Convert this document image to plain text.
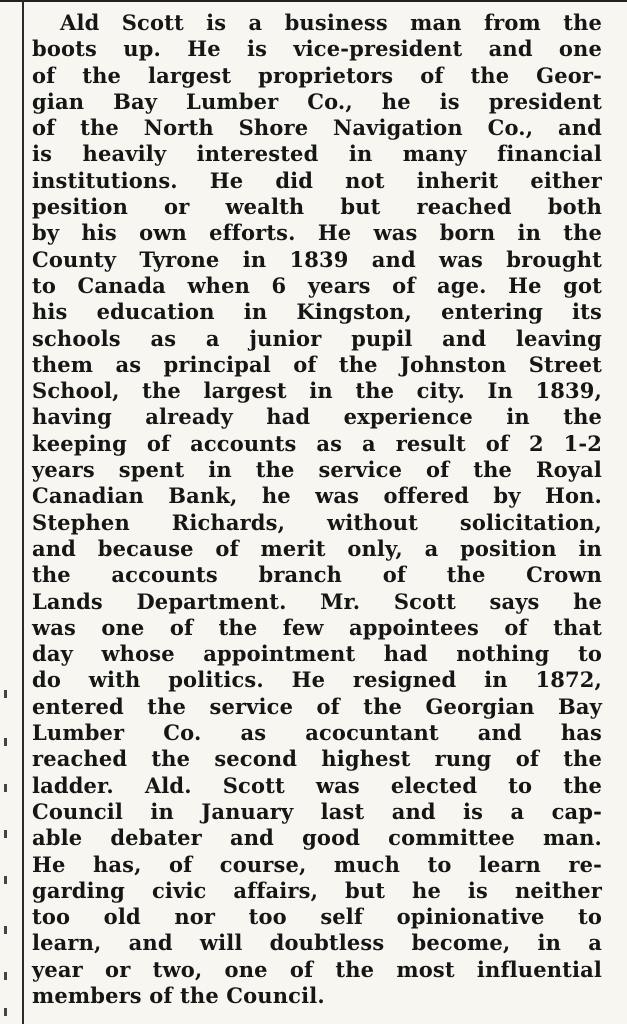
Ald Scott is a business man from the
boots up. He is vice-president and one
of the largest proprietors of the Geor-
gian Bay Lumber Co., he is president
of the North Shore Navigation Co., and
is heavily interested in many financial
institutions. He did not inherit either
pesition or wealth but reached both
by his own efforts. He was born in the
County Tyrone in 1839 and was brought
to Canada when 6 years of age. He got
his education in Kingston, entering its
schools as a junior pupil and leaving
them as principal of the Johnston Street
School, the largest in the city. In 1839,
having already had experience in the
keeping of accounts as a result of 2 1-2
years spent in the service of the Royal
Canadian Bank, he was offered by Hon.
Stephen Richards, without solicitation,
and because of merit only, a position in
the accounts branch of the Crown
Lands Department. Mr. Scott says he
was one of the few appointees of that
day whose appointment had nothing to
do with politics. He resigned in 1872,
entered the service of the Georgian Bay
Lumber Co. as acocuntant and has
reached the second highest rung of the
ladder. Ald. Scott was elected to the
Council in January last and is a cap-
able debater and good committee man.
He has, of course, much to learn re-
garding civic affairs, but he is neither
too old nor too self opinionative to
learn, and will doubtless become, in a
year or two, one of the most influential
members of the Council.
